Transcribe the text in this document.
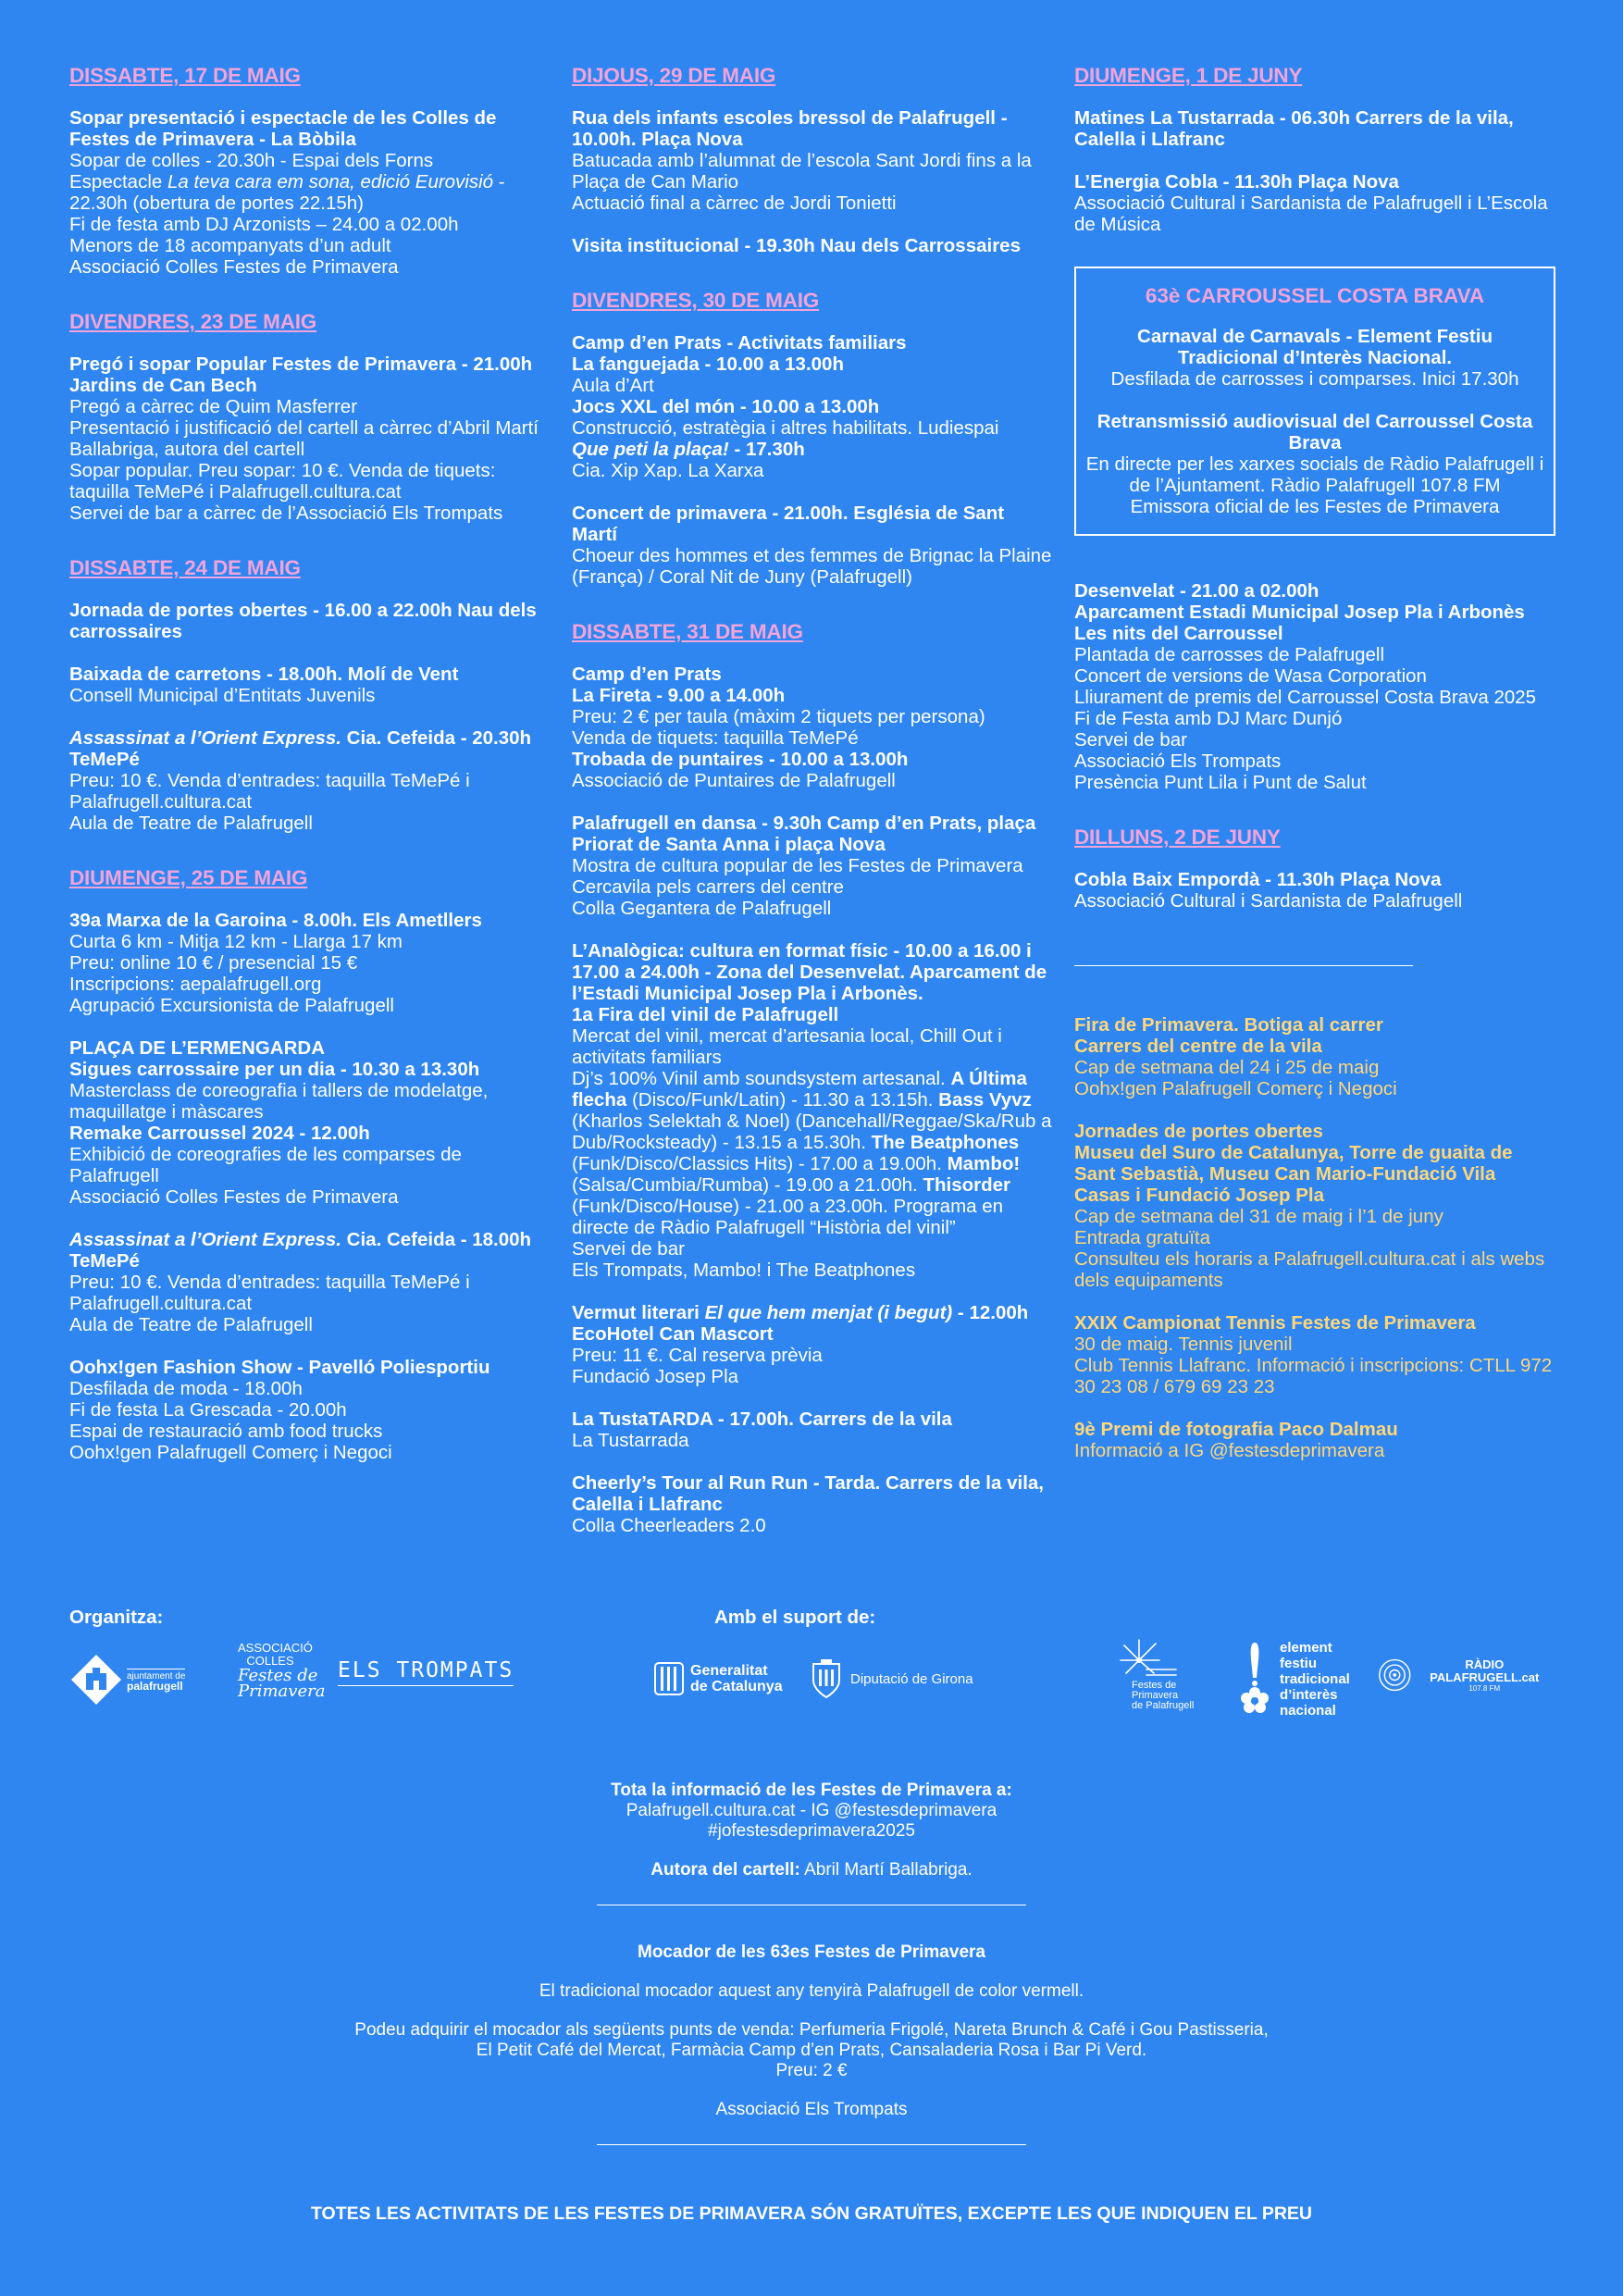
DISSABTE, 17 DE MAIG
Sopar presentació i espectacle de les Colles de Festes de Primavera - La Bòbila
Sopar de colles - 20.30h - Espai dels Forns
Espectacle La teva cara em sona, edició Eurovisió - 22.30h (obertura de portes 22.15h)
Fi de festa amb DJ Arzonists – 24.00 a 02.00h
Menors de 18 acompanyats d’un adult
Associació Colles Festes de Primavera
DIVENDRES, 23 DE MAIG
Pregó i sopar Popular Festes de Primavera - 21.00h Jardins de Can Bech
Pregó a càrrec de Quim Masferrer
Presentació i justificació del cartell a càrrec d’Abril Martí Ballabriga, autora del cartell
Sopar popular. Preu sopar: 10 €. Venda de tiquets: taquilla TeMePé i Palafrugell.cultura.cat
Servei de bar a càrrec de l’Associació Els Trompats
DISSABTE, 24 DE MAIG
Jornada de portes obertes - 16.00 a 22.00h Nau dels carrossaires
Baixada de carretons - 18.00h. Molí de Vent
Consell Municipal d’Entitats Juvenils
Assassinat a l’Orient Express. Cia. Cefeida - 20.30h TeMePé
Preu: 10 €. Venda d’entrades: taquilla TeMePé i Palafrugell.cultura.cat
Aula de Teatre de Palafrugell
DIUMENGE, 25 DE MAIG
39a Marxa de la Garoina - 8.00h. Els Ametllers
Curta 6 km - Mitja 12 km - Llarga 17 km
Preu: online 10 € / presencial 15 €
Inscripcions: aepalafrugell.org
Agrupació Excursionista de Palafrugell
PLAÇA DE L’ERMENGARDA
Sigues carrossaire per un dia - 10.30 a 13.30h
Masterclass de coreografia i tallers de modelatge, maquillatge i màscares
Remake Carroussel 2024 - 12.00h
Exhibició de coreografies de les comparses de Palafrugell
Associació Colles Festes de Primavera
Assassinat a l’Orient Express. Cia. Cefeida - 18.00h TeMePé
Preu: 10 €. Venda d’entrades: taquilla TeMePé i Palafrugell.cultura.cat
Aula de Teatre de Palafrugell
Oohx!gen Fashion Show - Pavelló Poliesportiu
Desfilada de moda - 18.00h
Fi de festa La Grescada - 20.00h
Espai de restauració amb food trucks
Oohx!gen Palafrugell Comerç i Negoci
DIJOUS, 29 DE MAIG
Rua dels infants escoles bressol de Palafrugell - 10.00h. Plaça Nova
Batucada amb l’alumnat de l’escola Sant Jordi fins a la Plaça de Can Mario
Actuació final a càrrec de Jordi Tonietti
Visita institucional - 19.30h Nau dels Carrossaires
DIVENDRES, 30 DE MAIG
Camp d’en Prats - Activitats familiars
La fanguejada - 10.00 a 13.00h
Aula d’Art
Jocs XXL del món - 10.00 a 13.00h
Construcció, estratègia i altres habilitats. Ludiespai
Que peti la plaça! - 17.30h
Cia. Xip Xap. La Xarxa
Concert de primavera - 21.00h. Església de Sant Martí
Choeur des hommes et des femmes de Brignac la Plaine (França) / Coral Nit de Juny (Palafrugell)
DISSABTE, 31 DE MAIG
Camp d’en Prats
La Fireta - 9.00 a 14.00h
Preu: 2 € per taula (màxim 2 tiquets per persona)
Venda de tiquets: taquilla TeMePé
Trobada de puntaires - 10.00 a 13.00h
Associació de Puntaires de Palafrugell
Palafrugell en dansa - 9.30h Camp d’en Prats, plaça Priorat de Santa Anna i plaça Nova
Mostra de cultura popular de les Festes de Primavera
Cercavila pels carrers del centre
Colla Gegantera de Palafrugell
L’Analògica: cultura en format físic - 10.00 a 16.00 i 17.00 a 24.00h - Zona del Desenvelat. Aparcament de l’Estadi Municipal Josep Pla i Arbonès.
1a Fira del vinil de Palafrugell
Mercat del vinil, mercat d’artesania local, Chill Out i activitats familiars
Dj’s 100% Vinil amb soundsystem artesanal. A Última flecha (Disco/Funk/Latin) - 11.30 a 13.15h. Bass Vyvz (Kharlos Selektah & Noel) (Dancehall/Reggae/Ska/Rub a Dub/Rocksteady) - 13.15 a 15.30h. The Beatphones (Funk/Disco/Classics Hits) - 17.00 a 19.00h. Mambo! (Salsa/Cumbia/Rumba) - 19.00 a 21.00h. Thisorder (Funk/Disco/House) - 21.00 a 23.00h. Programa en directe de Ràdio Palafrugell “Història del vinil”
Servei de bar
Els Trompats, Mambo! i The Beatphones
Vermut literari El que hem menjat (i begut) - 12.00h EcoHotel Can Mascort
Preu: 11 €. Cal reserva prèvia
Fundació Josep Pla
La TustaTARDA - 17.00h. Carrers de la vila
La Tustarrada
Cheerly’s Tour al Run Run - Tarda. Carrers de la vila, Calella i Llafranc
Colla Cheerleaders 2.0
DIUMENGE, 1 DE JUNY
Matines La Tustarrada - 06.30h Carrers de la vila, Calella i Llafranc
L’Energia Cobla - 11.30h Plaça Nova
Associació Cultural i Sardanista de Palafrugell i L’Escola de Música
63è CARROUSSEL COSTA BRAVA
Carnaval de Carnavals - Element Festiu Tradicional d’Interès Nacional.
Desfilada de carrosses i comparses. Inici 17.30h
Retransmissió audiovisual del Carroussel Costa Brava
En directe per les xarxes socials de Ràdio Palafrugell i de l’Ajuntament. Ràdio Palafrugell 107.8 FM
Emissora oficial de les Festes de Primavera
Desenvelat - 21.00 a 02.00h
Aparcament Estadi Municipal Josep Pla i Arbonès
Les nits del Carroussel
Plantada de carrosses de Palafrugell
Concert de versions de Wasa Corporation
Lliurament de premis del Carroussel Costa Brava 2025
Fi de Festa amb DJ Marc Dunjó
Servei de bar
Associació Els Trompats
Presència Punt Lila i Punt de Salut
DILLUNS, 2 DE JUNY
Cobla Baix Empordà - 11.30h Plaça Nova
Associació Cultural i Sardanista de Palafrugell
Fira de Primavera. Botiga al carrer
Carrers del centre de la vila
Cap de setmana del 24 i 25 de maig
Oohx!gen Palafrugell Comerç i Negoci
Jornades de portes obertes
Museu del Suro de Catalunya, Torre de guaita de Sant Sebastià, Museu Can Mario-Fundació Vila Casas i Fundació Josep Pla
Cap de setmana del 31 de maig i l’1 de juny
Entrada gratuïta
Consulteu els horaris a Palafrugell.cultura.cat i als webs dels equipaments
XXIX Campionat Tennis Festes de Primavera
30 de maig. Tennis juvenil
Club Tennis Llafranc. Informació i inscripcions: CTLL 972 30 23 08 / 679 69 23 23
9è Premi de fotografia Paco Dalmau
Informació a IG @festesdeprimavera
Organitza:	Amb el suport de:
ajuntament de
palafrugell
ASSOCIACIÓ COLLES
Festes de Primavera
ELS TROMPATS	Generalitat
de Catalunya	Diputació de Girona	Festes de
Primavera
de Palafrugell
element
festiu
tradicional
d’interès
nacional
RÀDIO PALAFRUGELL.cat
107.8 FM
Tota la informació de les Festes de Primavera a:
Palafrugell.cultura.cat - IG @festesdeprimavera
#jofestesdeprimavera2025
Autora del cartell: Abril Martí Ballabriga.
Mocador de les 63es Festes de Primavera
El tradicional mocador aquest any tenyirà Palafrugell de color vermell.
Podeu adquirir el mocador als següents punts de venda: Perfumeria Frigolé, Nareta Brunch & Café i Gou Pastisseria,
El Petit Café del Mercat, Farmàcia Camp d’en Prats, Cansaladeria Rosa i Bar Pi Verd.
Preu: 2 €
Associació Els Trompats
TOTES LES ACTIVITATS DE LES FESTES DE PRIMAVERA SÓN GRATUÏTES, EXCEPTE LES QUE INDIQUEN EL PREU
